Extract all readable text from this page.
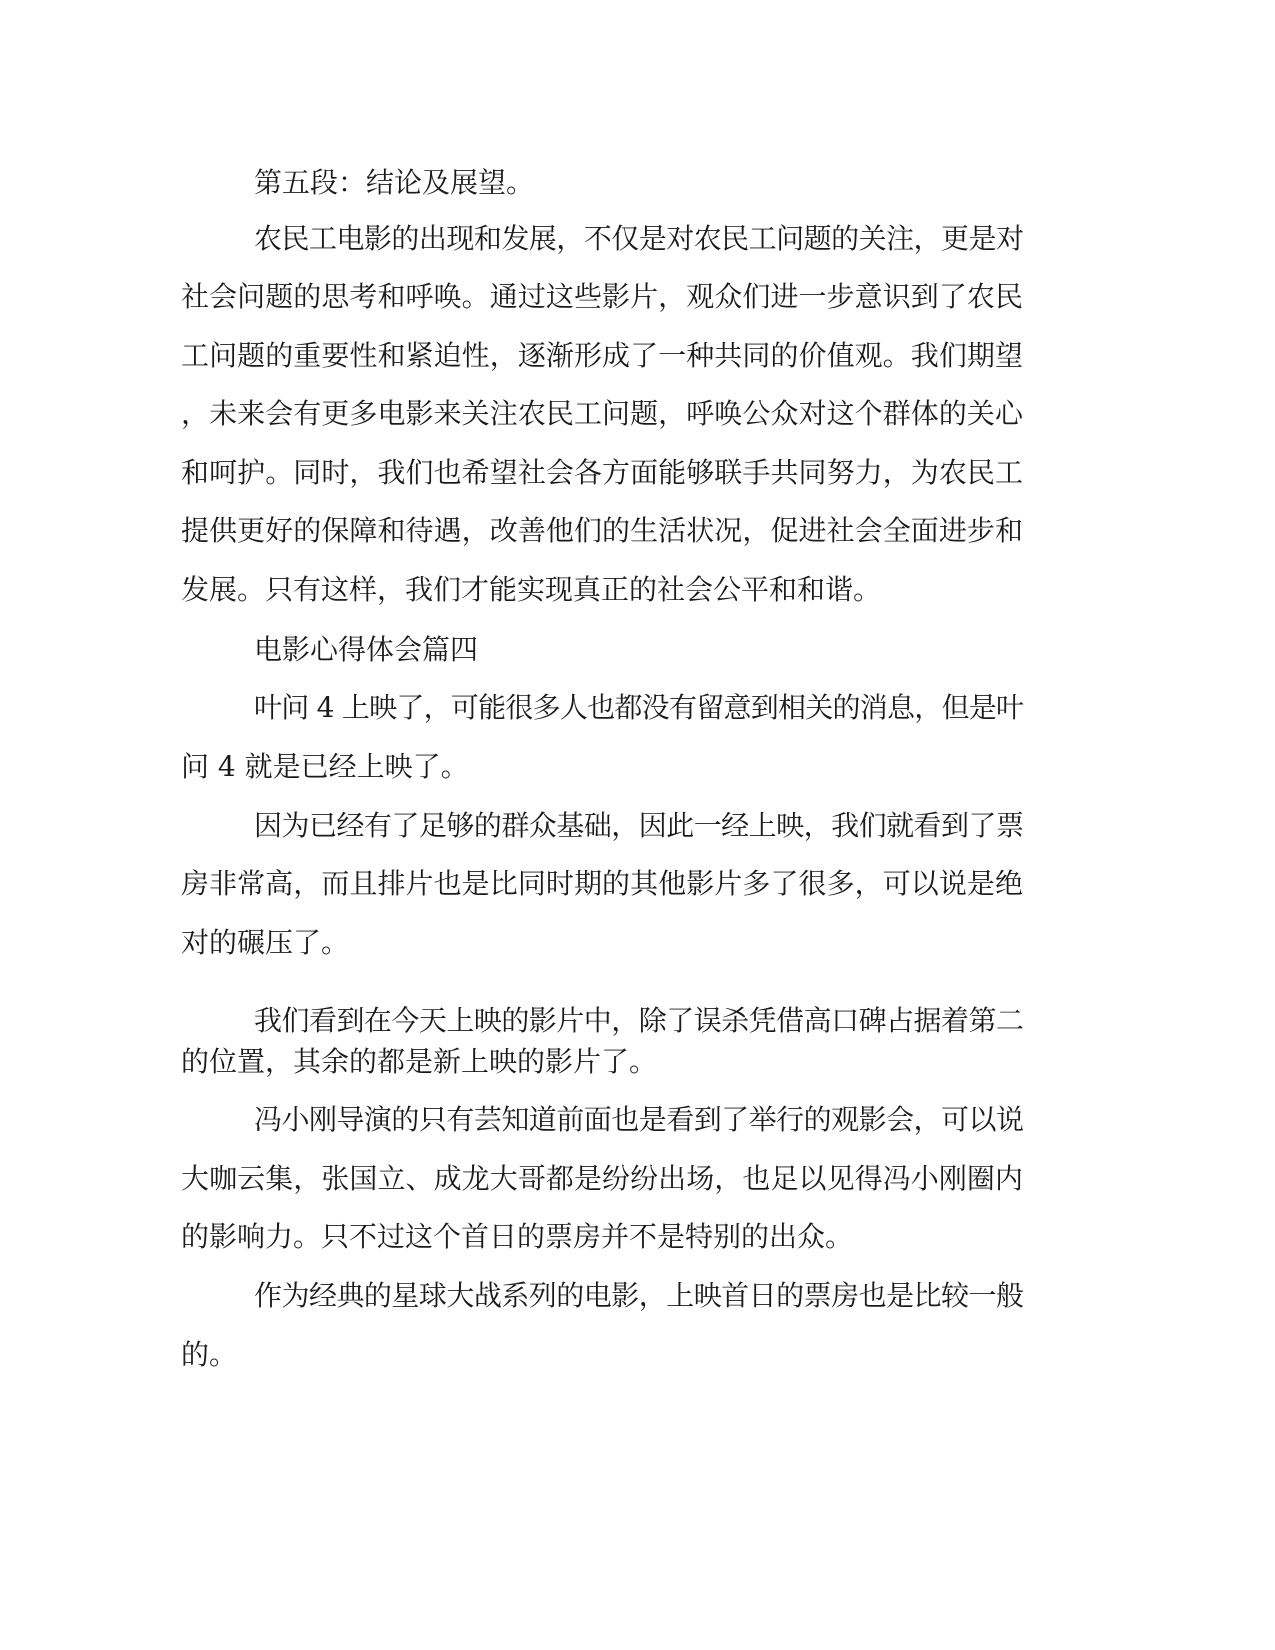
第五段：结论及展望。
农民工电影的出现和发展，不仅是对农民工问题的关注，更是对
社会问题的思考和呼唤。通过这些影片，观众们进一步意识到了农民
工问题的重要性和紧迫性，逐渐形成了一种共同的价值观。我们期望
，未来会有更多电影来关注农民工问题，呼唤公众对这个群体的关心
和呵护。同时，我们也希望社会各方面能够联手共同努力，为农民工
提供更好的保障和待遇，改善他们的生活状况，促进社会全面进步和
发展。只有这样，我们才能实现真正的社会公平和和谐。
电影心得体会篇四
叶问 4 上映了，可能很多人也都没有留意到相关的消息，但是叶
问 4 就是已经上映了。
因为已经有了足够的群众基础，因此一经上映，我们就看到了票
房非常高，而且排片也是比同时期的其他影片多了很多，可以说是绝
对的碾压了。
我们看到在今天上映的影片中，除了误杀凭借高口碑占据着第二
的位置，其余的都是新上映的影片了。
冯小刚导演的只有芸知道前面也是看到了举行的观影会，可以说
大咖云集，张国立、成龙大哥都是纷纷出场，也足以见得冯小刚圈内
的影响力。只不过这个首日的票房并不是特别的出众。
作为经典的星球大战系列的电影，上映首日的票房也是比较一般
的。
